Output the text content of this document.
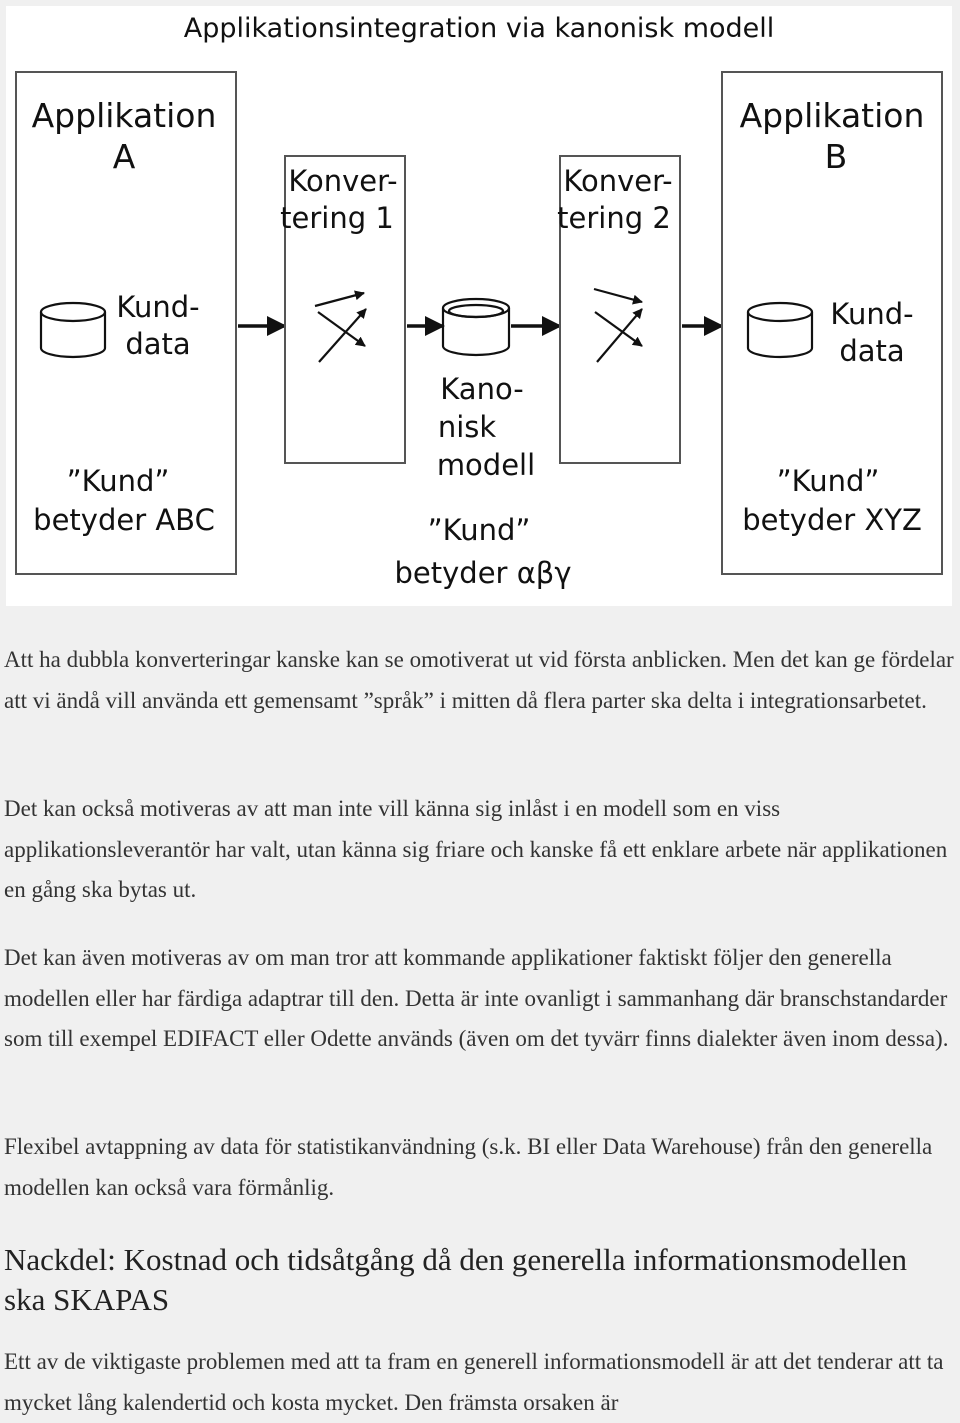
Applikationsintegration via kanonisk modell
Applikation
A
Kund-
data
”Kund”
betyder ABC
Konver-
tering 1
Kano-
nisk
modell
”Kund”
betyder αβγ
Konver-
tering 2
Applikation
B
Kund-
data
”Kund”
betyder XYZ

Att ha dubbla konverteringar kanske kan se omotiverat ut vid första anblicken. Men det kan ge fördelar att vi ändå vill använda ett gemensamt ”språk” i mitten då flera parter ska delta i integrationsarbetet.

Det kan också motiveras av att man inte vill känna sig inlåst i en modell som en viss applikationsleverantör har valt, utan känna sig friare och kanske få ett enklare arbete när applikationen en gång ska bytas ut.

Det kan även motiveras av om man tror att kommande applikationer faktiskt följer den generella modellen eller har färdiga adaptrar till den. Detta är inte ovanligt i sammanhang där branschstandarder som till exempel EDIFACT eller Odette används (även om det tyvärr finns dialekter även inom dessa).

Flexibel avtappning av data för statistikanvändning (s.k. BI eller Data Warehouse) från den generella modellen kan också vara förmånlig.

Nackdel: Kostnad och tidsåtgång då den generella informationsmodellen ska SKAPAS

Ett av de viktigaste problemen med att ta fram en generell informationsmodell är att det tenderar att ta mycket lång kalendertid och kosta mycket. Den främsta orsaken är
